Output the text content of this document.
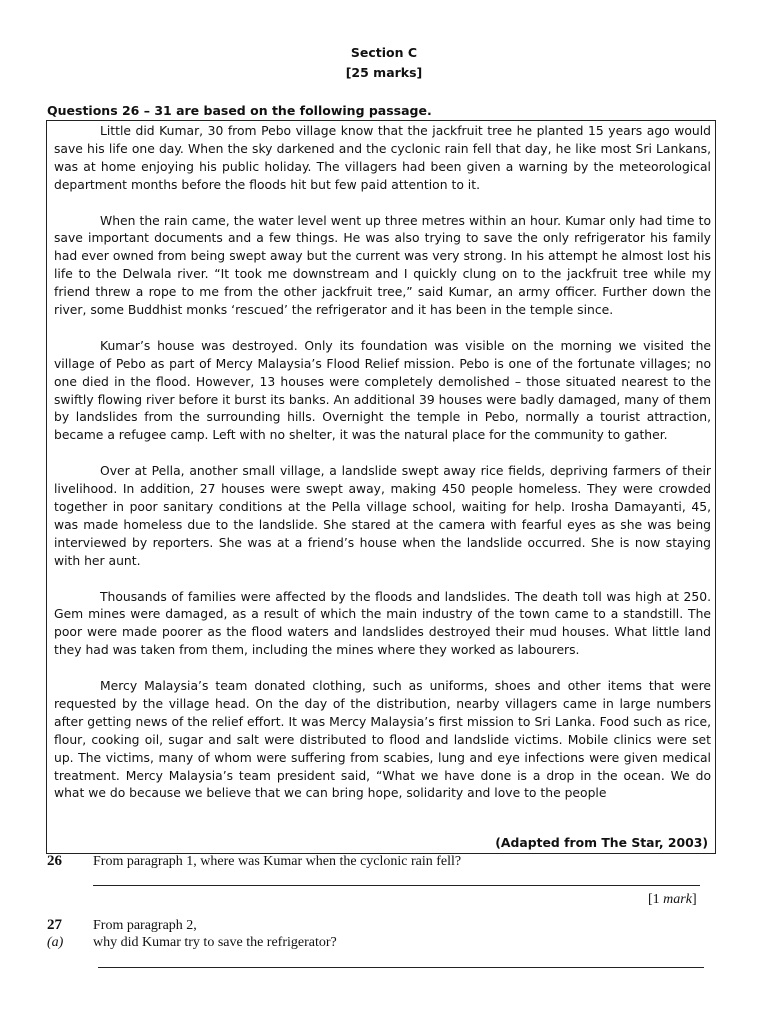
Section C
[25 marks]
Questions 26 – 31 are based on the following passage.

Little did Kumar, 30 from Pebo village know that the jackfruit tree he planted 15 years ago would save his life one day. When the sky darkened and the cyclonic rain fell that day, he like most Sri Lankans, was at home enjoying his public holiday. The villagers had been given a warning by the meteorological department months before the floods hit but few paid attention to it.

When the rain came, the water level went up three metres within an hour. Kumar only had time to save important documents and a few things. He was also trying to save the only refrigerator his family had ever owned from being swept away but the current was very strong. In his attempt he almost lost his life to the Delwala river. “It took me downstream and I quickly clung on to the jackfruit tree while my friend threw a rope to me from the other jackfruit tree,” said Kumar, an army officer. Further down the river, some Buddhist monks ‘rescued’ the refrigerator and it has been in the temple since.

Kumar’s house was destroyed. Only its foundation was visible on the morning we visited the village of Pebo as part of Mercy Malaysia’s Flood Relief mission. Pebo is one of the fortunate villages; no one died in the flood. However, 13 houses were completely demolished – those situated nearest to the swiftly flowing river before it burst its banks. An additional 39 houses were badly damaged, many of them by landslides from the surrounding hills. Overnight the temple in Pebo, normally a tourist attraction, became a refugee camp. Left with no shelter, it was the natural place for the community to gather.

Over at Pella, another small village, a landslide swept away rice fields, depriving farmers of their livelihood. In addition, 27 houses were swept away, making 450 people homeless. They were crowded together in poor sanitary conditions at the Pella village school, waiting for help. Irosha Damayanti, 45, was made homeless due to the landslide. She stared at the camera with fearful eyes as she was being interviewed by reporters. She was at a friend’s house when the landslide occurred. She is now staying with her aunt.

Thousands of families were affected by the floods and landslides. The death toll was high at 250. Gem mines were damaged, as a result of which the main industry of the town came to a standstill. The poor were made poorer as the flood waters and landslides destroyed their mud houses. What little land they had was taken from them, including the mines where they worked as labourers.

Mercy Malaysia’s team donated clothing, such as uniforms, shoes and other items that were requested by the village head. On the day of the distribution, nearby villagers came in large numbers after getting news of the relief effort. It was Mercy Malaysia’s first mission to Sri Lanka. Food such as rice, flour, cooking oil, sugar and salt were distributed to flood and landslide victims. Mobile clinics were set up. The victims, many of whom were suffering from scabies, lung and eye infections were given medical treatment. Mercy Malaysia’s team president said, “What we have done is a drop in the ocean. We do what we do because we believe that we can bring hope, solidarity and love to the people

(Adapted from The Star, 2003)
26 From paragraph 1, where was Kumar when the cyclonic rain fell?
[1 mark]
27 From paragraph 2,
(a) why did Kumar try to save the refrigerator?
